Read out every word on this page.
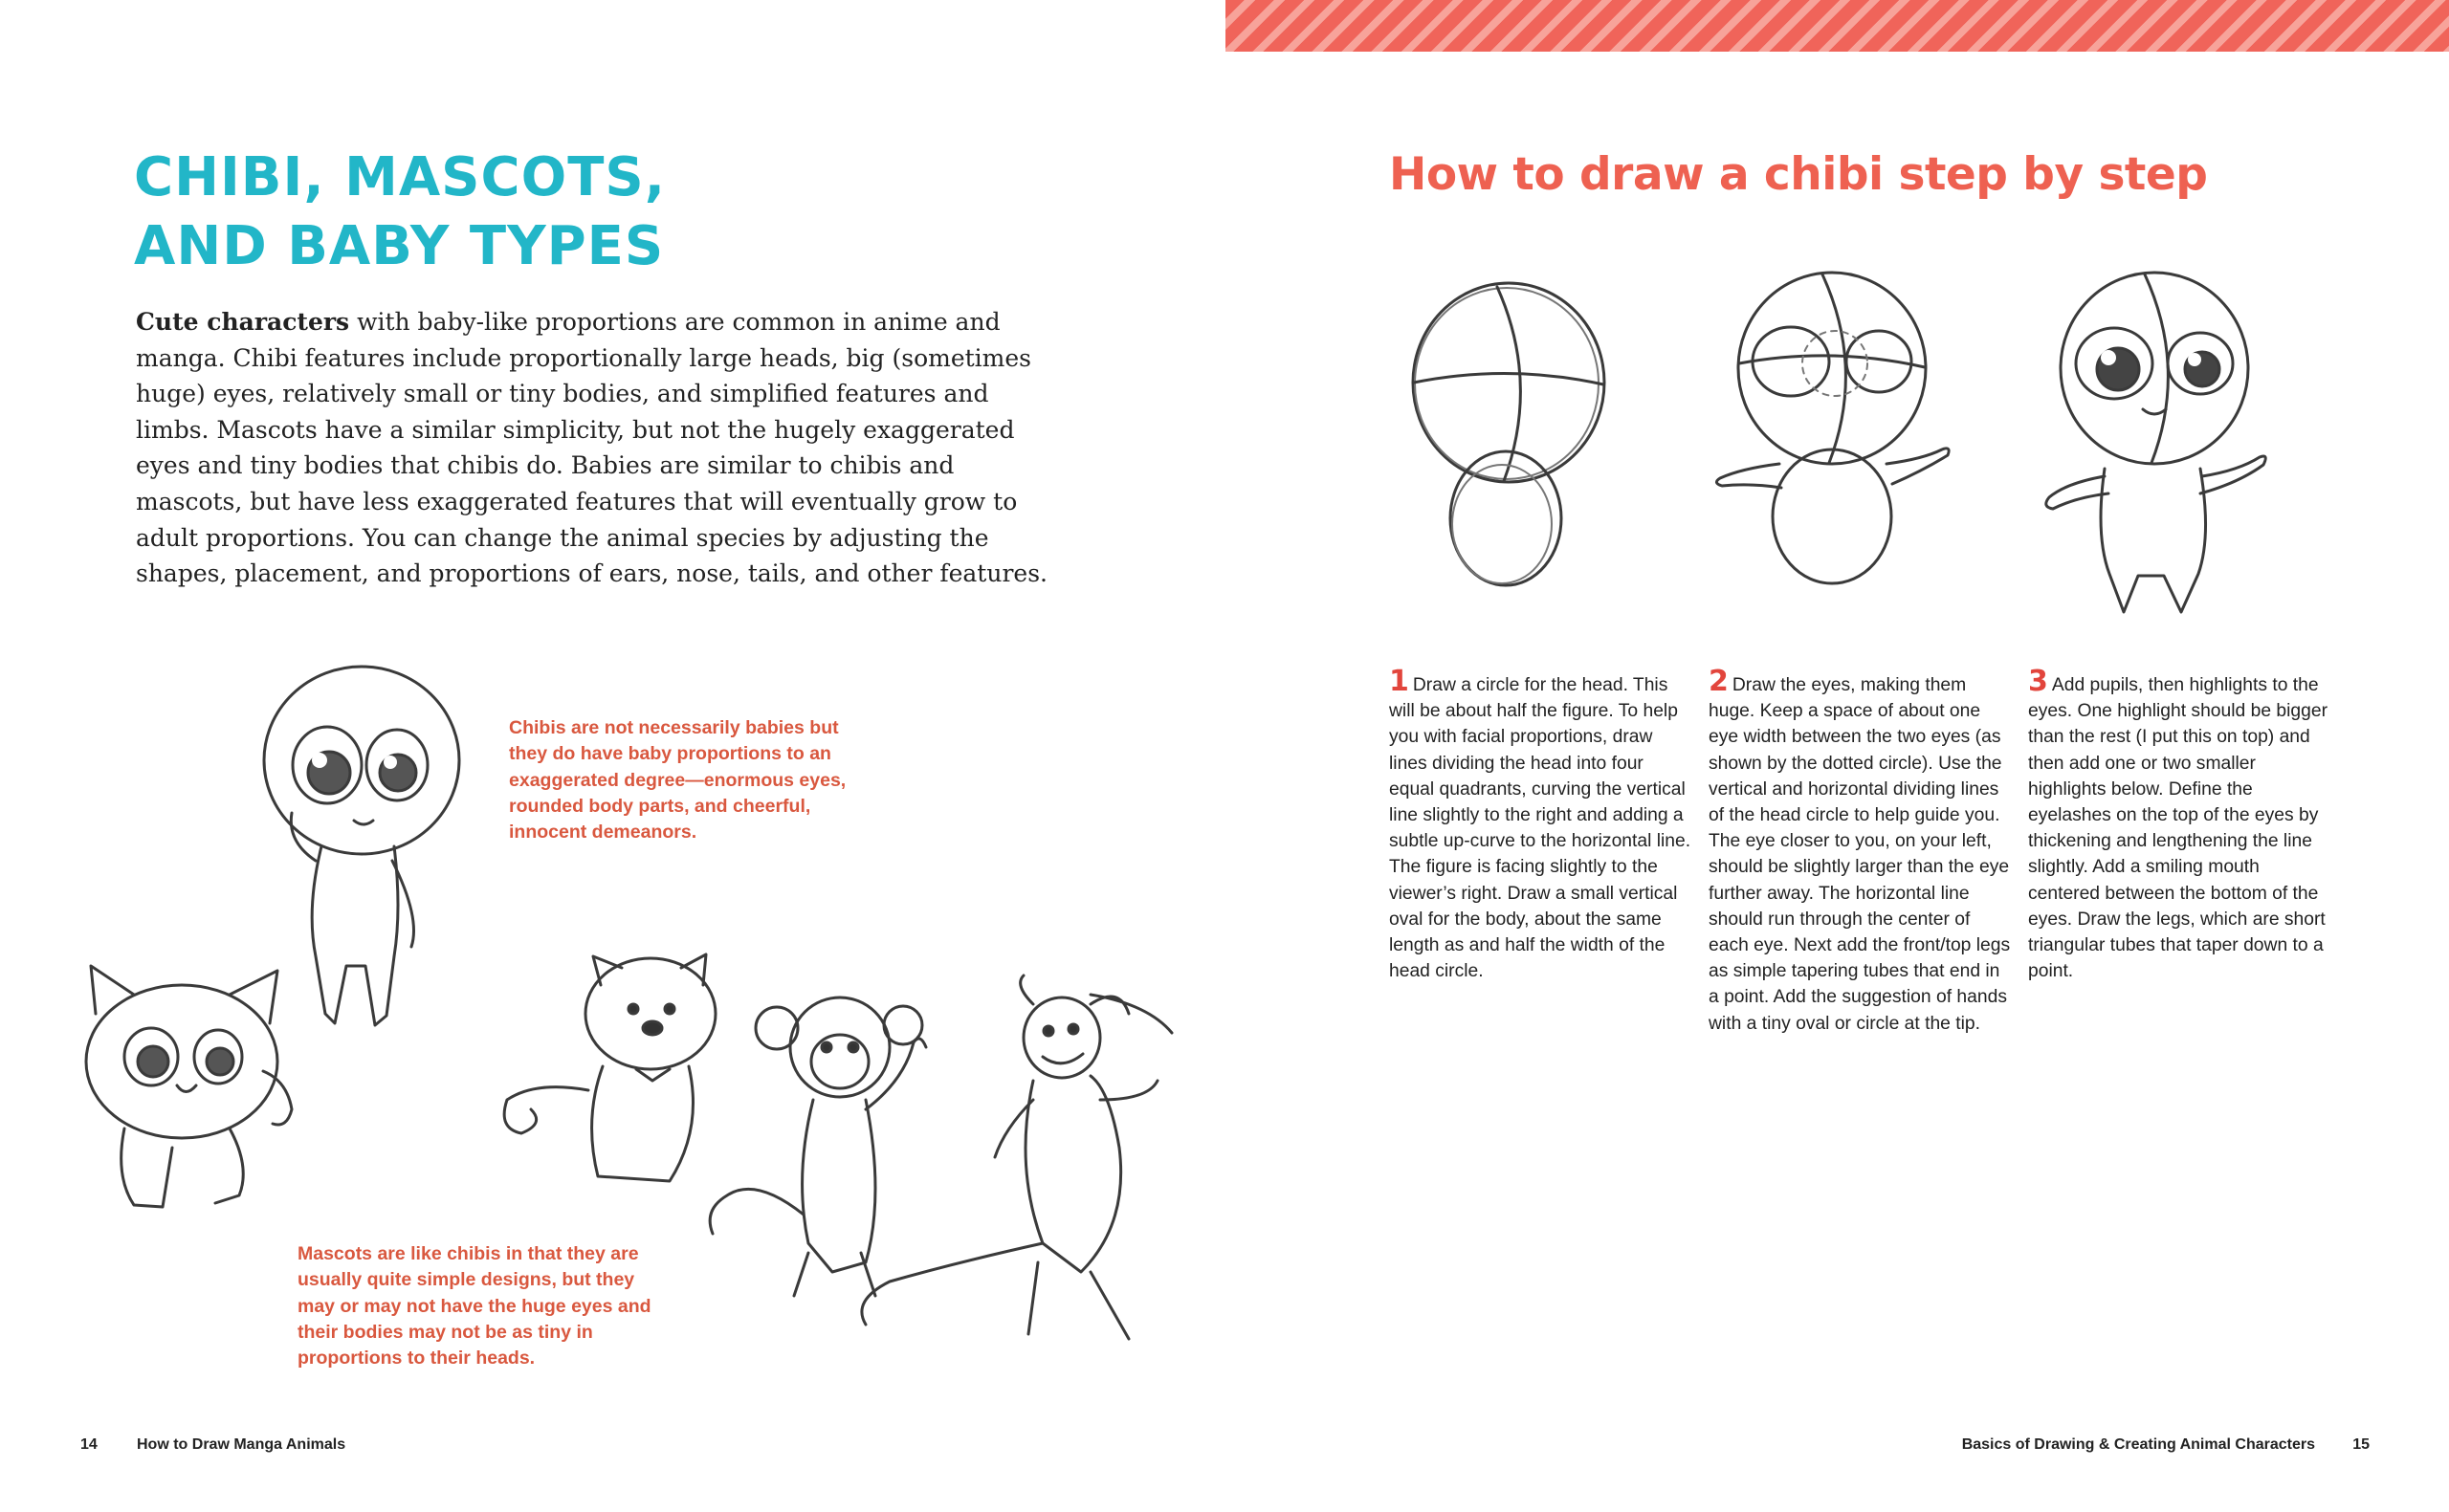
CHIBI, MASCOTS,
AND BABY TYPES

Cute characters with baby-like proportions are common in anime and manga. Chibi features include proportionally large heads, big (sometimes huge) eyes, relatively small or tiny bodies, and simplified features and limbs. Mascots have a similar simplicity, but not the hugely exaggerated eyes and tiny bodies that chibis do. Babies are similar to chibis and mascots, but have less exaggerated features that will eventually grow to adult proportions. You can change the animal species by adjusting the shapes, placement, and proportions of ears, nose, tails, and other features.

Chibis are not necessarily babies but they do have baby proportions to an exaggerated degree—enormous eyes, rounded body parts, and cheerful, innocent demeanors.

Mascots are like chibis in that they are usually quite simple designs, but they may or may not have the huge eyes and their bodies may not be as tiny in proportions to their heads.

How to draw a chibi step by step

1 Draw a circle for the head. This will be about half the figure. To help you with facial proportions, draw lines dividing the head into four equal quadrants, curving the vertical line slightly to the right and adding a subtle up-curve to the horizontal line. The figure is facing slightly to the viewer’s right. Draw a small vertical oval for the body, about the same length as and half the width of the head circle.

2 Draw the eyes, making them huge. Keep a space of about one eye width between the two eyes (as shown by the dotted circle). Use the vertical and horizontal dividing lines of the head circle to help guide you. The eye closer to you, on your left, should be slightly larger than the eye further away. The horizontal line should run through the center of each eye. Next add the front/top legs as simple tapering tubes that end in a point. Add the suggestion of hands with a tiny oval or circle at the tip.

3 Add pupils, then highlights to the eyes. One highlight should be bigger than the rest (I put this on top) and then add one or two smaller highlights below. Define the eyelashes on the top of the eyes by thickening and lengthening the line slightly. Add a smiling mouth centered between the bottom of the eyes. Draw the legs, which are short triangular tubes that taper down to a point.

14	How to Draw Manga Animals	Basics of Drawing & Creating Animal Characters 15
